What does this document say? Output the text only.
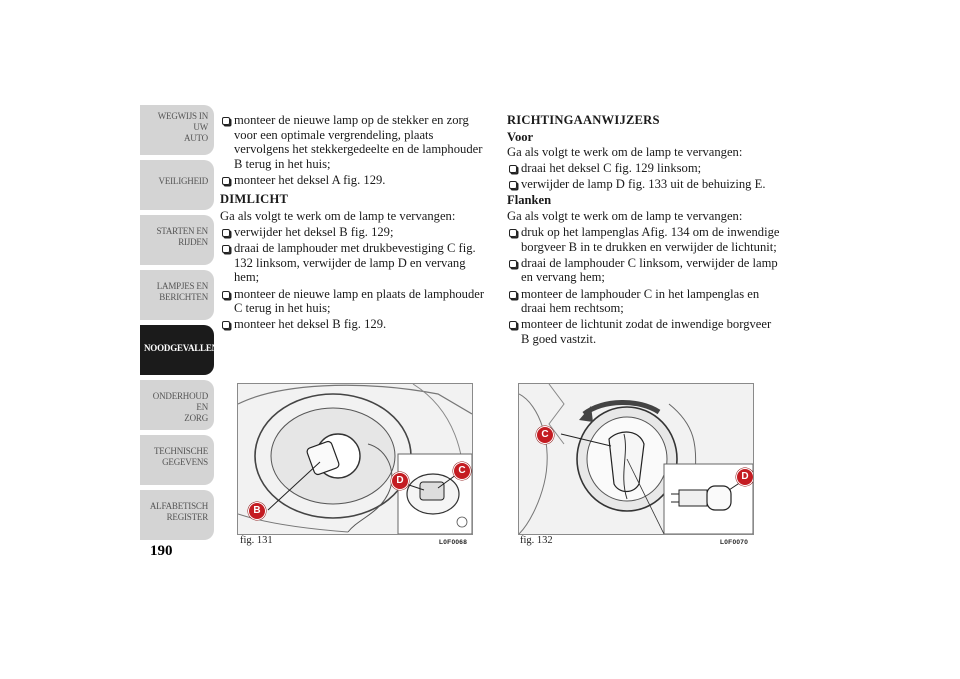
WEGWIJS IN UW
AUTO
VEILIGHEID
STARTEN EN
RIJDEN
LAMPJES EN
BERICHTEN
NOODGEVALLEN
ONDERHOUD EN
ZORG
TECHNISCHE
GEGEVENS
ALFABETISCH
REGISTER
190

monteer de nieuwe lamp op de stekker en zorg voor een optimale vergrendeling, plaats vervolgens het stekkergedeelte en de lamphouder B terug in het huis;

monteer het deksel A fig. 129.

DIMLICHT

Ga als volgt te werk om de lamp te vervangen:

verwijder het deksel B fig. 129;

draai de lamphouder met drukbevestiging C fig. 132 linksom, verwijder de lamp D en vervang hem;

monteer de nieuwe lamp en plaats de lamphouder C terug in het huis;

monteer het deksel B fig. 129.

RICHTINGAANWIJZERS

Voor

Ga als volgt te werk om de lamp te vervangen:

draai het deksel C fig. 129 linksom;

verwijder de lamp D fig. 133 uit de behuizing E.

Flanken

Ga als volgt te werk om de lamp te vervangen:

druk op het lampenglas Afig. 134 om de inwendige borgveer B in te drukken en verwijder de lichtunit;

draai de lamphouder C linksom, verwijder de lamp en vervang hem;

monteer de lamphouder C in het lampenglas en draai hem rechtsom;

monteer de lichtunit zodat de inwendige borgveer B goed vastzit.

B
D
C
fig. 131	L0F0068
C
D
fig. 132	L0F0070
